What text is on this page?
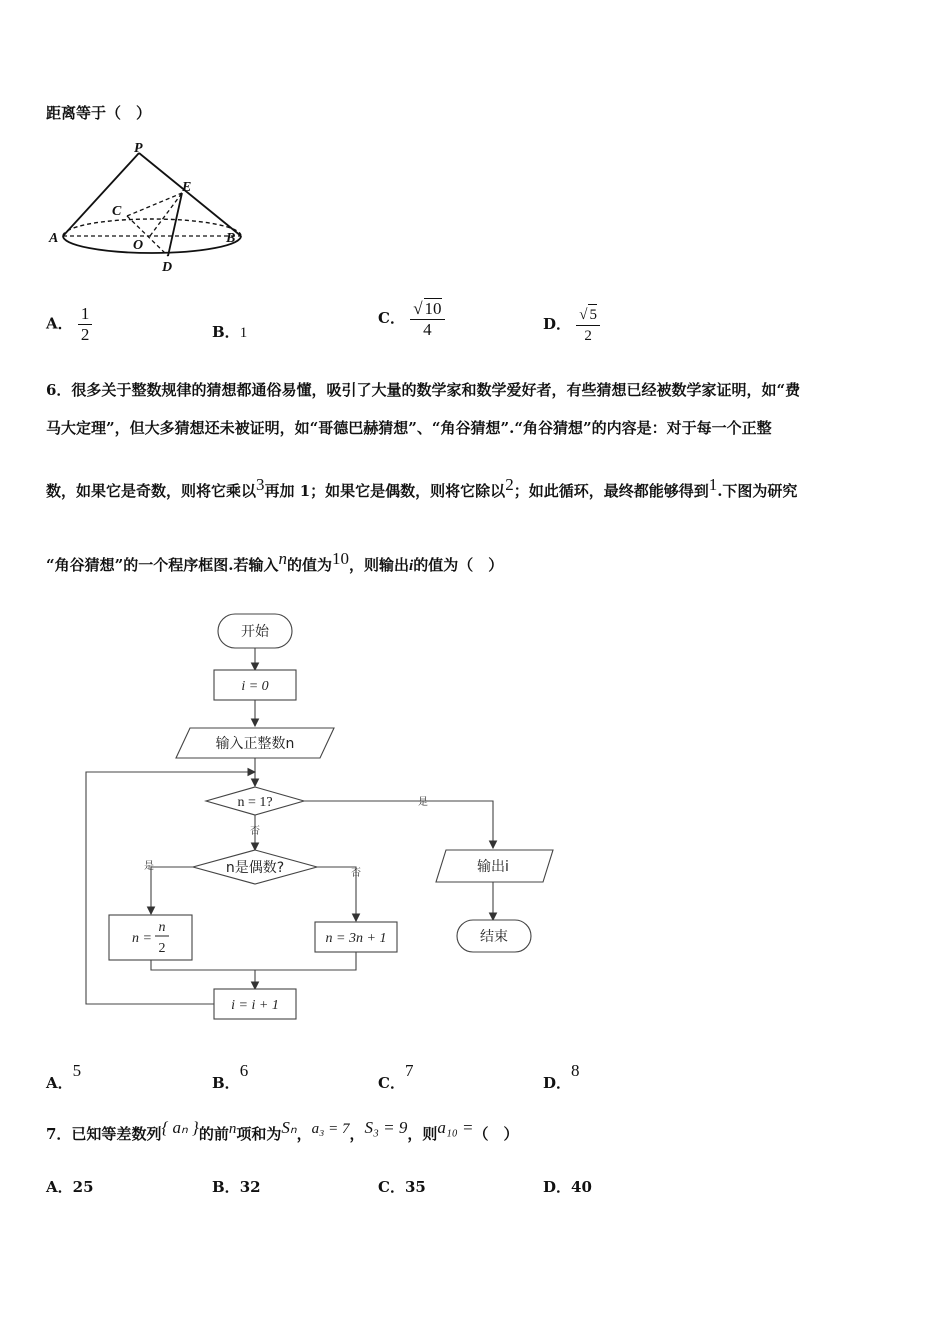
距离等于（　）
P
E
C
A	O	B
D
A． $\frac{1}{2}$	B．1
C． $\frac{√ 10}{4}$	D． $\frac{√ 5}{2}$
6．很多关于整数规律的猜想都通俗易懂，吸引了大量的数学家和数学爱好者，有些猜想已经被数学家证明，如“费
马大定理”，但大多猜想还未被证明，如“哥德巴赫猜想”、“角谷猜想”.“角谷猜想”的内容是：对于每一个正整
数，如果它是奇数，则将它乘以$^3$再加 1；如果它是偶数，则将它除以$^2$；如此循环，最终都能够得到$^1$.下图为研究
“角谷猜想”的一个程序框图.若输入$^n$的值为$^{10}$，则输出i的值为（　）
开始
i = 0
输入正整数n
n = 1?	是
否
n是偶数?
是
否
n =
n
2
n = 3n + 1
i = i + 1
输出i
结束
A．5
B．6
C．7
D．8
7．已知等差数列$^{\{ a_n \}}$的前$^n$项和为$^{S_n}$，$^{a_3 = 7}$，$^{S_3 = 9}$，则$^{a_{10} =}$（　）
A．25	B．32	C．35	D．40
